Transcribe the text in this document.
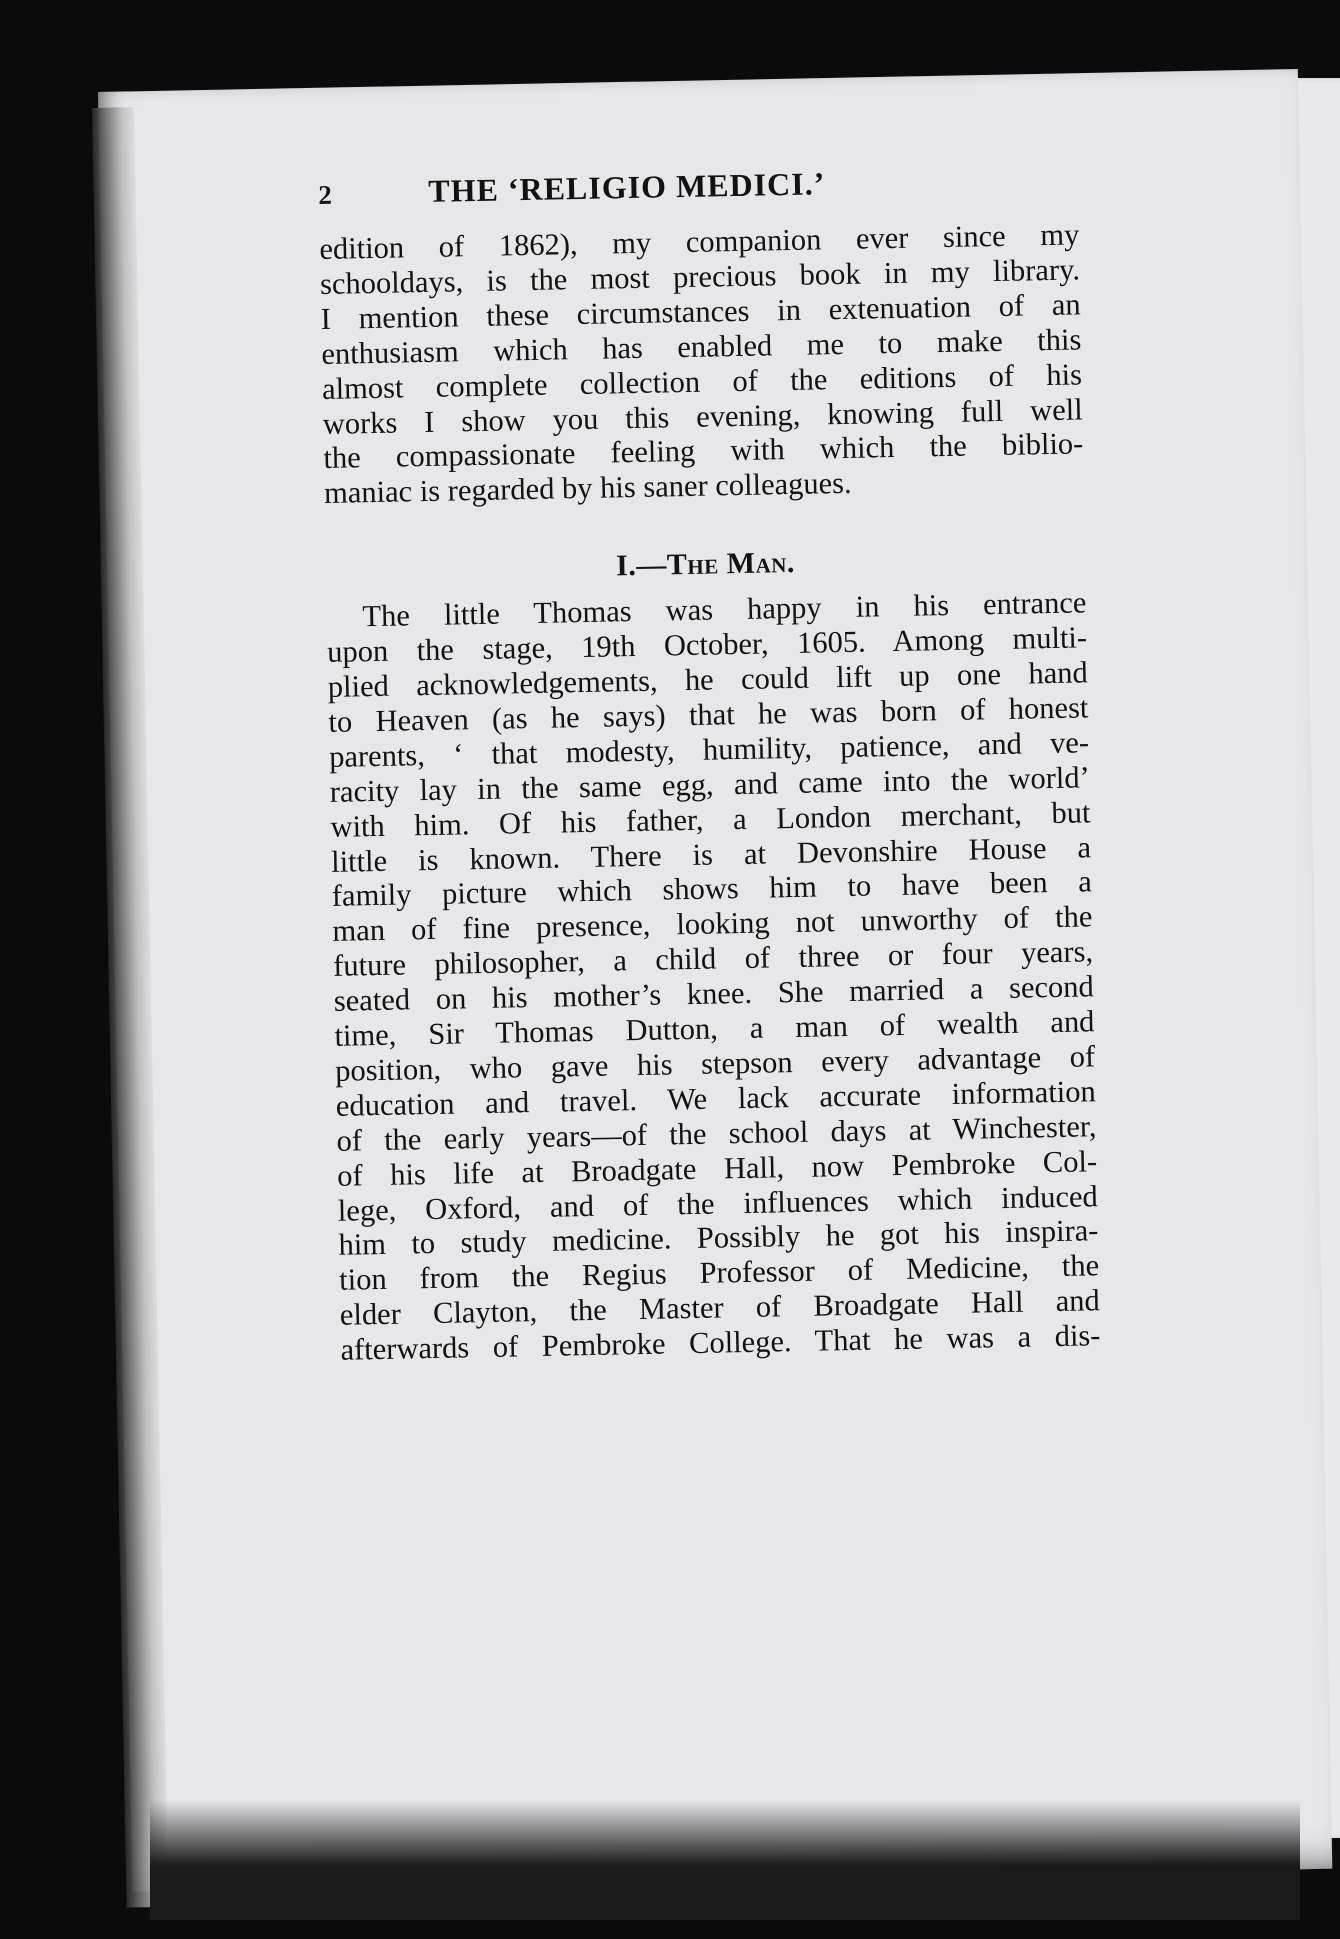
2	THE ‘RELIGIO MEDICI.’
edition of 1862), my companion ever since my
schooldays, is the most precious book in my library.
I mention these circumstances in extenuation of an
enthusiasm which has enabled me to make this
almost complete collection of the editions of his
works I show you this evening, knowing full well
the compassionate feeling with which the biblio-
maniac is regarded by his saner colleagues.
I.—The Man.
The little Thomas was happy in his entrance
upon the stage, 19th October, 1605. Among multi-
plied acknowledgements, he could lift up one hand
to Heaven (as he says) that he was born of honest
parents, ‘ that modesty, humility, patience, and ve-
racity lay in the same egg, and came into the world’
with him. Of his father, a London merchant, but
little is known. There is at Devonshire House a
family picture which shows him to have been a
man of fine presence, looking not unworthy of the
future philosopher, a child of three or four years,
seated on his mother’s knee. She married a second
time, Sir Thomas Dutton, a man of wealth and
position, who gave his stepson every advantage of
education and travel. We lack accurate information
of the early years—of the school days at Winchester,
of his life at Broadgate Hall, now Pembroke Col-
lege, Oxford, and of the influences which induced
him to study medicine. Possibly he got his inspira-
tion from the Regius Professor of Medicine, the
elder Clayton, the Master of Broadgate Hall and
afterwards of Pembroke College. That he was a dis-
